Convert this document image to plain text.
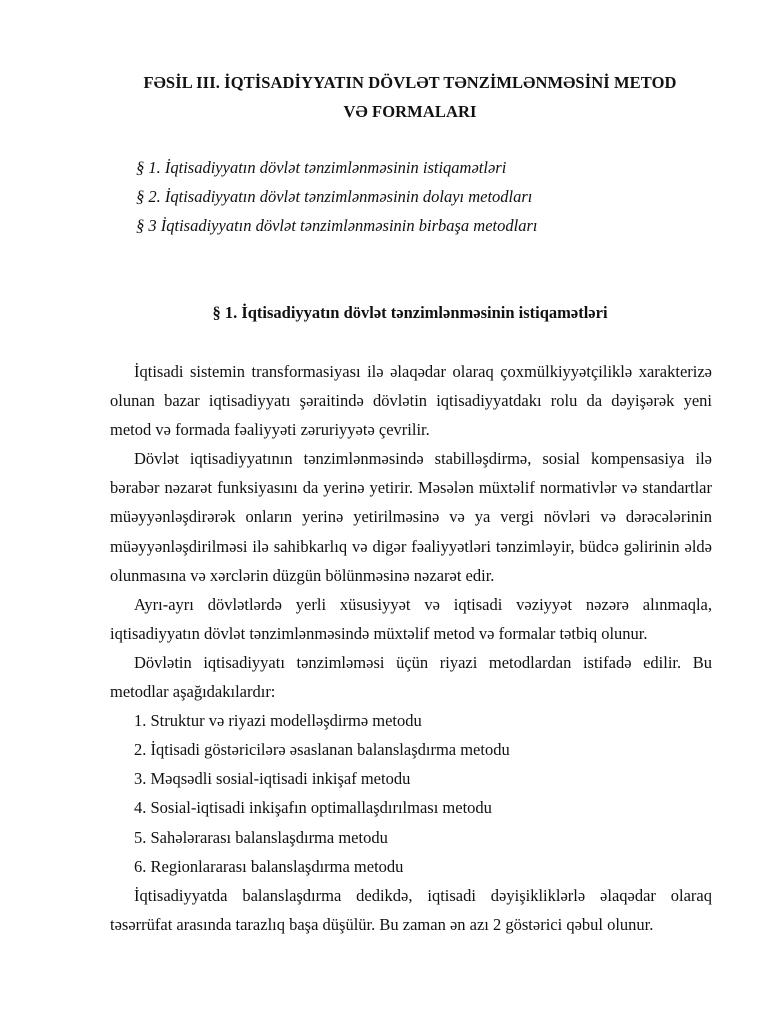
FƏSİL III. İQTİSADİYYATIN DÖVLƏT TƏNZİMLƏNMƏSİNİ METOD
VƏ FORMALARI
§ 1. İqtisadiyyatın dövlət tənzimlənməsinin istiqamətləri
§ 2. İqtisadiyyatın dövlət tənzimlənməsinin dolayı metodları
§ 3 İqtisadiyyatın dövlət tənzimlənməsinin birbaşa metodları
§ 1. İqtisadiyyatın dövlət tənzimlənməsinin istiqamətləri

İqtisadi sistemin transformasiyası ilə əlaqədar olaraq çoxmülkiyyətçiliklə xarakterizə olunan bazar iqtisadiyyatı şəraitində dövlətin iqtisadiyyatdakı rolu da dəyişərək yeni metod və formada fəaliyyəti zəruriyyətə çevrilir.

Dövlət iqtisadiyyatının tənzimlənməsində stabilləşdirmə, sosial kompensasiya ilə bərabər nəzarət funksiyasını da yerinə yetirir. Məsələn müxtəlif normativlər və standartlar müəyyənləşdirərək onların yerinə yetirilməsinə və ya vergi növləri və dərəcələrinin müəyyənləşdirilməsi ilə sahibkarlıq və digər fəaliyyətləri tənzimləyir, büdcə gəlirinin əldə olunmasına və xərclərin düzgün bölünməsinə nəzarət edir.

Ayrı-ayrı dövlətlərdə yerli xüsusiyyət və iqtisadi vəziyyət nəzərə alınmaqla, iqtisadiyyatın dövlət tənzimlənməsində müxtəlif metod və formalar tətbiq olunur.

Dövlətin iqtisadiyyatı tənzimləməsi üçün riyazi metodlardan istifadə edilir. Bu metodlar aşağıdakılardır:

1. Struktur və riyazi modelləşdirmə metodu

2. İqtisadi göstəricilərə əsaslanan balanslaşdırma metodu

3. Məqsədli sosial-iqtisadi inkişaf metodu

4. Sosial-iqtisadi inkişafın optimallaşdırılması metodu

5. Sahələrarası balanslaşdırma metodu

6. Regionlararası balanslaşdırma metodu

İqtisadiyyatda balanslaşdırma dedikdə, iqtisadi dəyişikliklərlə əlaqədar olaraq təsərrüfat arasında tarazlıq başa düşülür. Bu zaman ən azı 2 göstərici qəbul olunur.
